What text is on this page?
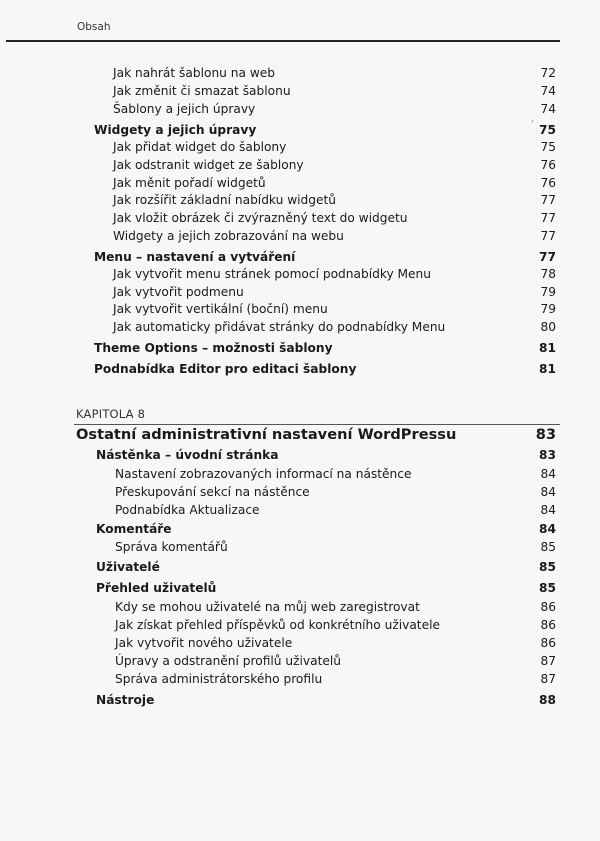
Obsah
ˊ
Jak nahrát šablonu na web	72
Jak změnit či smazat šablonu	74
Šablony a jejich úpravy	74
Widgety a jejich úpravy	75
Jak přidat widget do šablony	75
Jak odstranit widget ze šablony	76
Jak měnit pořadí widgetů	76
Jak rozšířit základní nabídku widgetů	77
Jak vložit obrázek či zvýrazněný text do widgetu	77
Widgety a jejich zobrazování na webu	77
Menu – nastavení a vytváření	77
Jak vytvořit menu stránek pomocí podnabídky Menu	78
Jak vytvořit podmenu	79
Jak vytvořit vertikální (boční) menu	79
Jak automaticky přidávat stránky do podnabídky Menu	80
Theme Options – možnosti šablony	81
Podnabídka Editor pro editaci šablony	81
KAPITOLA 8
Ostatní administrativní nastavení WordPressu	83
Nástěnka – úvodní stránka	83
Nastavení zobrazovaných informací na nástěnce	84
Přeskupování sekcí na nástěnce	84
Podnabídka Aktualizace	84
Komentáře	84
Správa komentářů	85
Uživatelé	85
Přehled uživatelů	85
Kdy se mohou uživatelé na můj web zaregistrovat	86
Jak získat přehled příspěvků od konkrétního uživatele	86
Jak vytvořit nového uživatele	86
Úpravy a odstranění profilů uživatelů	87
Správa administrátorského profilu	87
Nástroje	88
